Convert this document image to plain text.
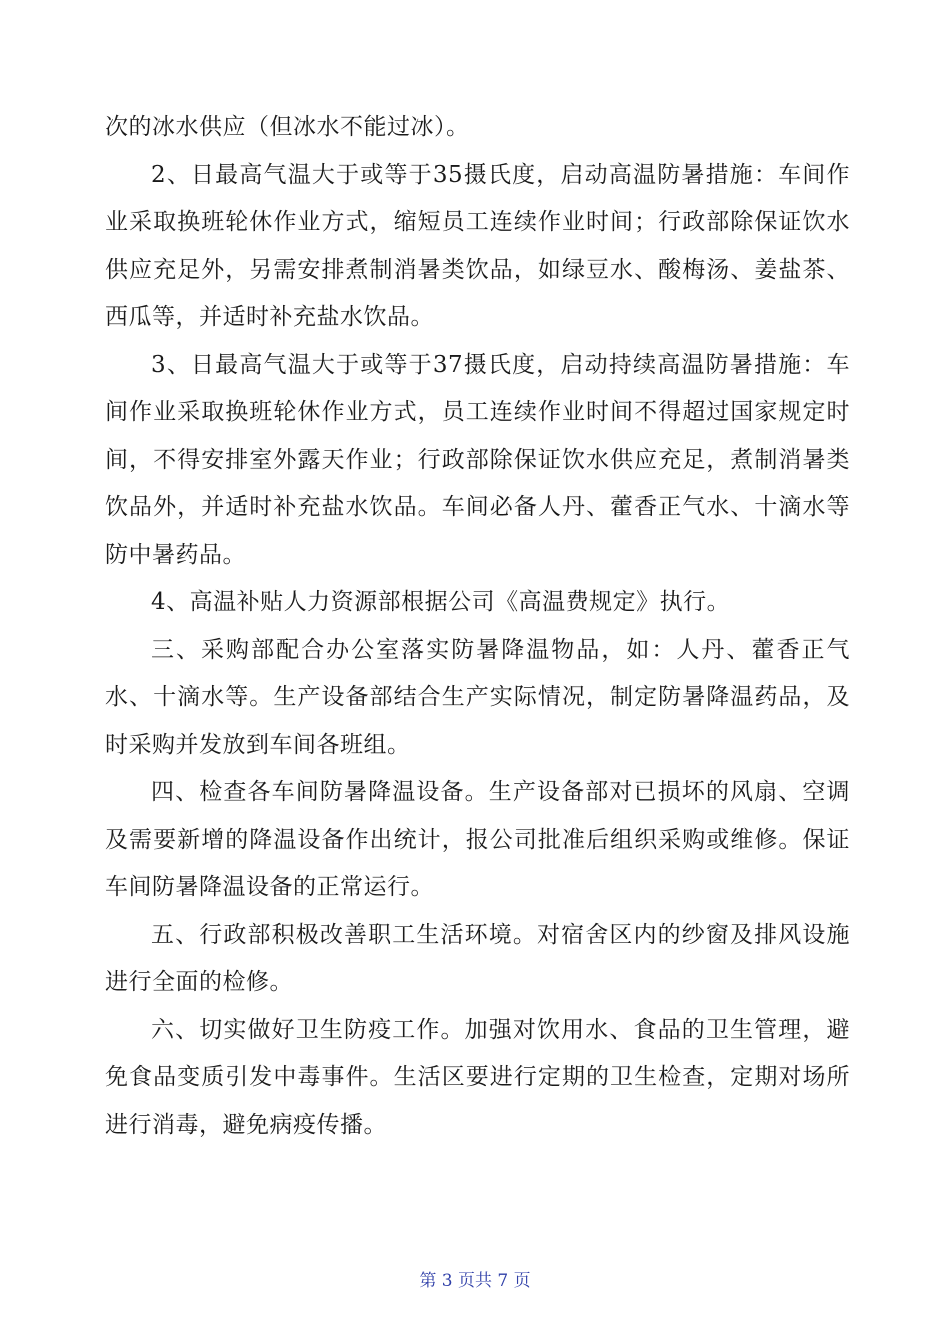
次的冰水供应（但冰水不能过冰）。

2、日最高气温大于或等于35摄氏度，启动高温防暑措施：车间作业采取换班轮休作业方式，缩短员工连续作业时间；行政部除保证饮水供应充足外，另需安排煮制消暑类饮品，如绿豆水、酸梅汤、姜盐茶、西瓜等，并适时补充盐水饮品。

3、日最高气温大于或等于37摄氏度，启动持续高温防暑措施：车间作业采取换班轮休作业方式，员工连续作业时间不得超过国家规定时间，不得安排室外露天作业；行政部除保证饮水供应充足，煮制消暑类饮品外，并适时补充盐水饮品。车间必备人丹、藿香正气水、十滴水等防中暑药品。

4、高温补贴人力资源部根据公司《高温费规定》执行。

三、采购部配合办公室落实防暑降温物品，如：人丹、藿香正气水、十滴水等。生产设备部结合生产实际情况，制定防暑降温药品，及时采购并发放到车间各班组。

四、检查各车间防暑降温设备。生产设备部对已损坏的风扇、空调及需要新增的降温设备作出统计，报公司批准后组织采购或维修。保证车间防暑降温设备的正常运行。

五、行政部积极改善职工生活环境。对宿舍区内的纱窗及排风设施进行全面的检修。

六、切实做好卫生防疫工作。加强对饮用水、食品的卫生管理，避免食品变质引发中毒事件。生活区要进行定期的卫生检查，定期对场所进行消毒，避免病疫传播。

第 3 页共 7 页
